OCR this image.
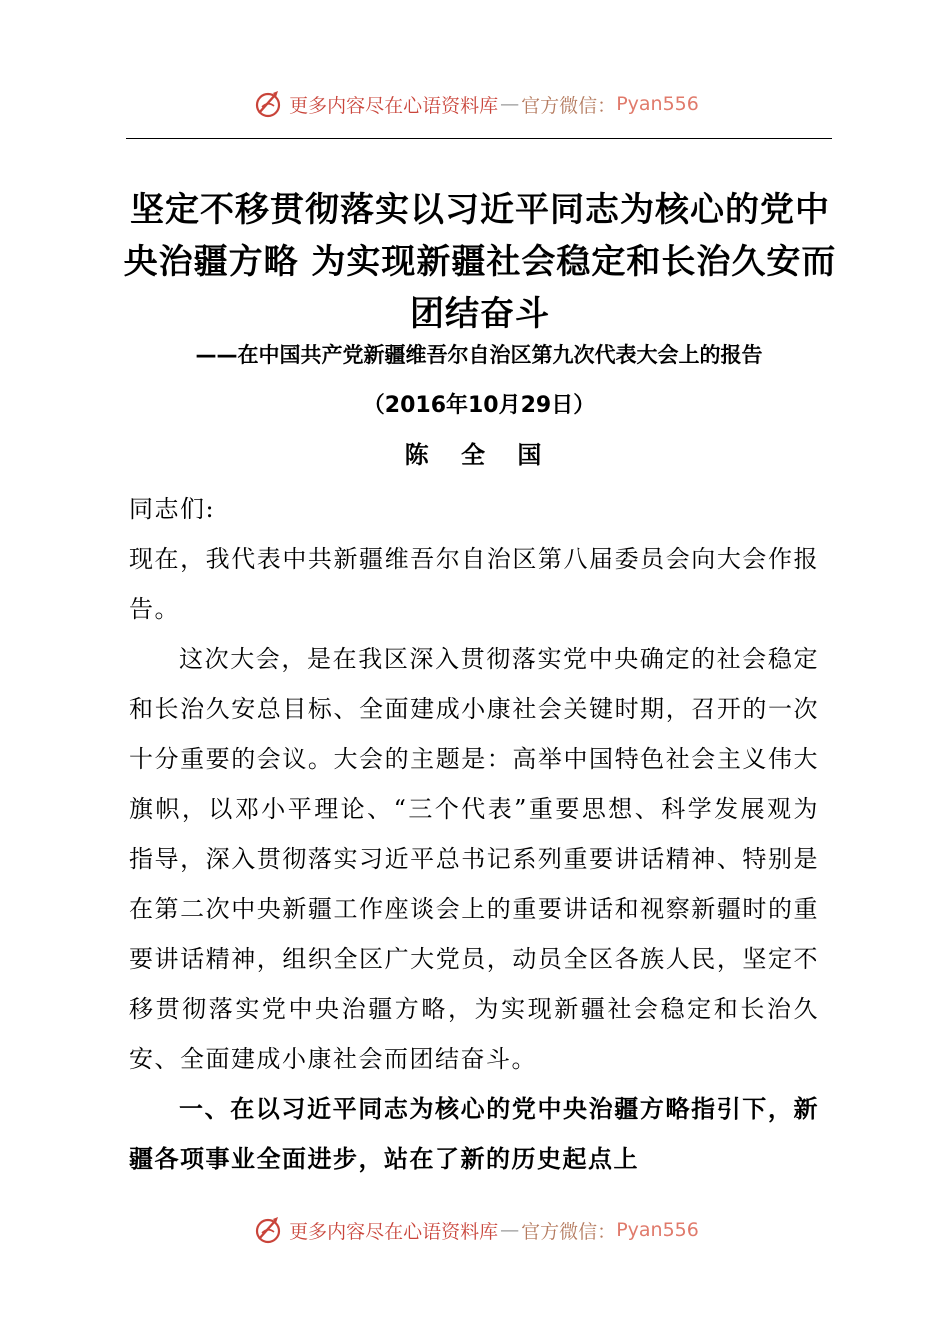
更多内容尽在心语资料库 — 官方微信： Pyan556
坚定不移贯彻落实以习近平同志为核心的党中央治疆方略 为实现新疆社会稳定和长治久安而团结奋斗
——在中国共产党新疆维吾尔自治区第九次代表大会上的报告
（2016年10月29日）
陈 全 国

同志们:

现在，我代表中共新疆维吾尔自治区第八届委员会向大会作报告。

这次大会，是在我区深入贯彻落实党中央确定的社会稳定和长治久安总目标、全面建成小康社会关键时期，召开的一次十分重要的会议。大会的主题是：高举中国特色社会主义伟大旗帜，以邓小平理论、“三个代表”重要思想、科学发展观为指导，深入贯彻落实习近平总书记系列重要讲话精神、特别是在第二次中央新疆工作座谈会上的重要讲话和视察新疆时的重要讲话精神，组织全区广大党员，动员全区各族人民，坚定不移贯彻落实党中央治疆方略，为实现新疆社会稳定和长治久安、全面建成小康社会而团结奋斗。

一、在以习近平同志为核心的党中央治疆方略指引下，新疆各项事业全面进步，站在了新的历史起点上

更多内容尽在心语资料库 — 官方微信： Pyan556
